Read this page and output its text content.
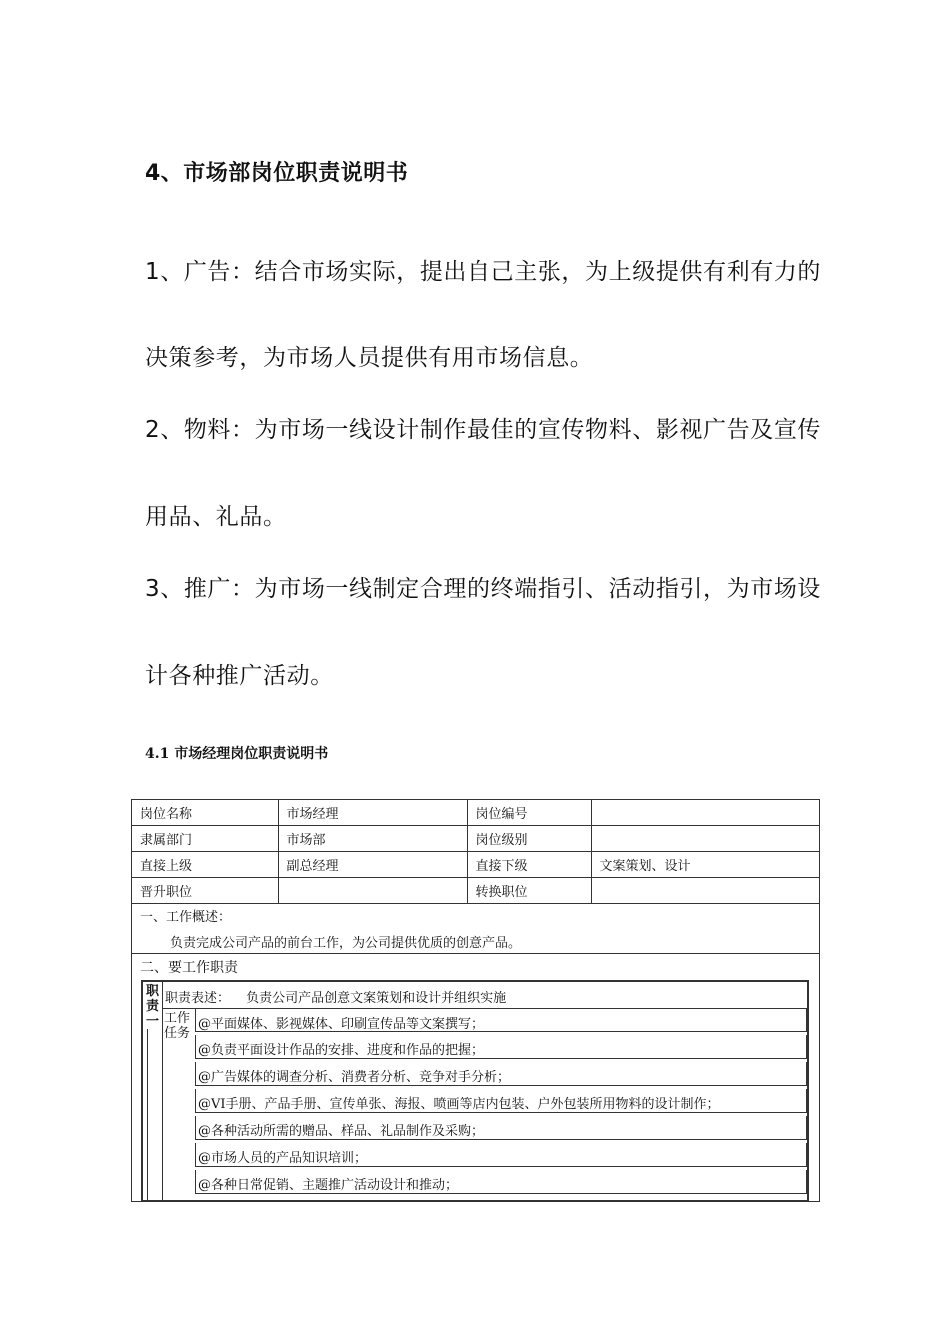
4、市场部岗位职责说明书
1、广告：结合市场实际，提出自己主张，为上级提供有利有力的
决策参考，为市场人员提供有用市场信息。
2、物料：为市场一线设计制作最佳的宣传物料、影视广告及宣传
用品、礼品。
3、推广：为市场一线制定合理的终端指引、活动指引，为市场设
计各种推广活动。
4.1 市场经理岗位职责说明书
岗位名称	市场经理	岗位编号	
隶属部门	市场部	岗位级别	
直接上级	副总经理	直接下级	文案策划、设计
晋升职位		转换职位	
一、工作概述：
负责完成公司产品的前台工作，为公司提供优质的创意产品。
二、要工作职责
职责一
职责表述： 负责公司产品创意文案策划和设计并组织实施
工作任务
@平面媒体、影视媒体、印刷宣传品等文案撰写；
@负责平面设计作品的安排、进度和作品的把握；
@广告媒体的调查分析、消费者分析、竞争对手分析；
@VI手册、产品手册、宣传单张、海报、喷画等店内包装、户外包装所用物料的设计制作；
@各种活动所需的赠品、样品、礼品制作及采购；
@市场人员的产品知识培训；
@各种日常促销、主题推广活动设计和推动；
